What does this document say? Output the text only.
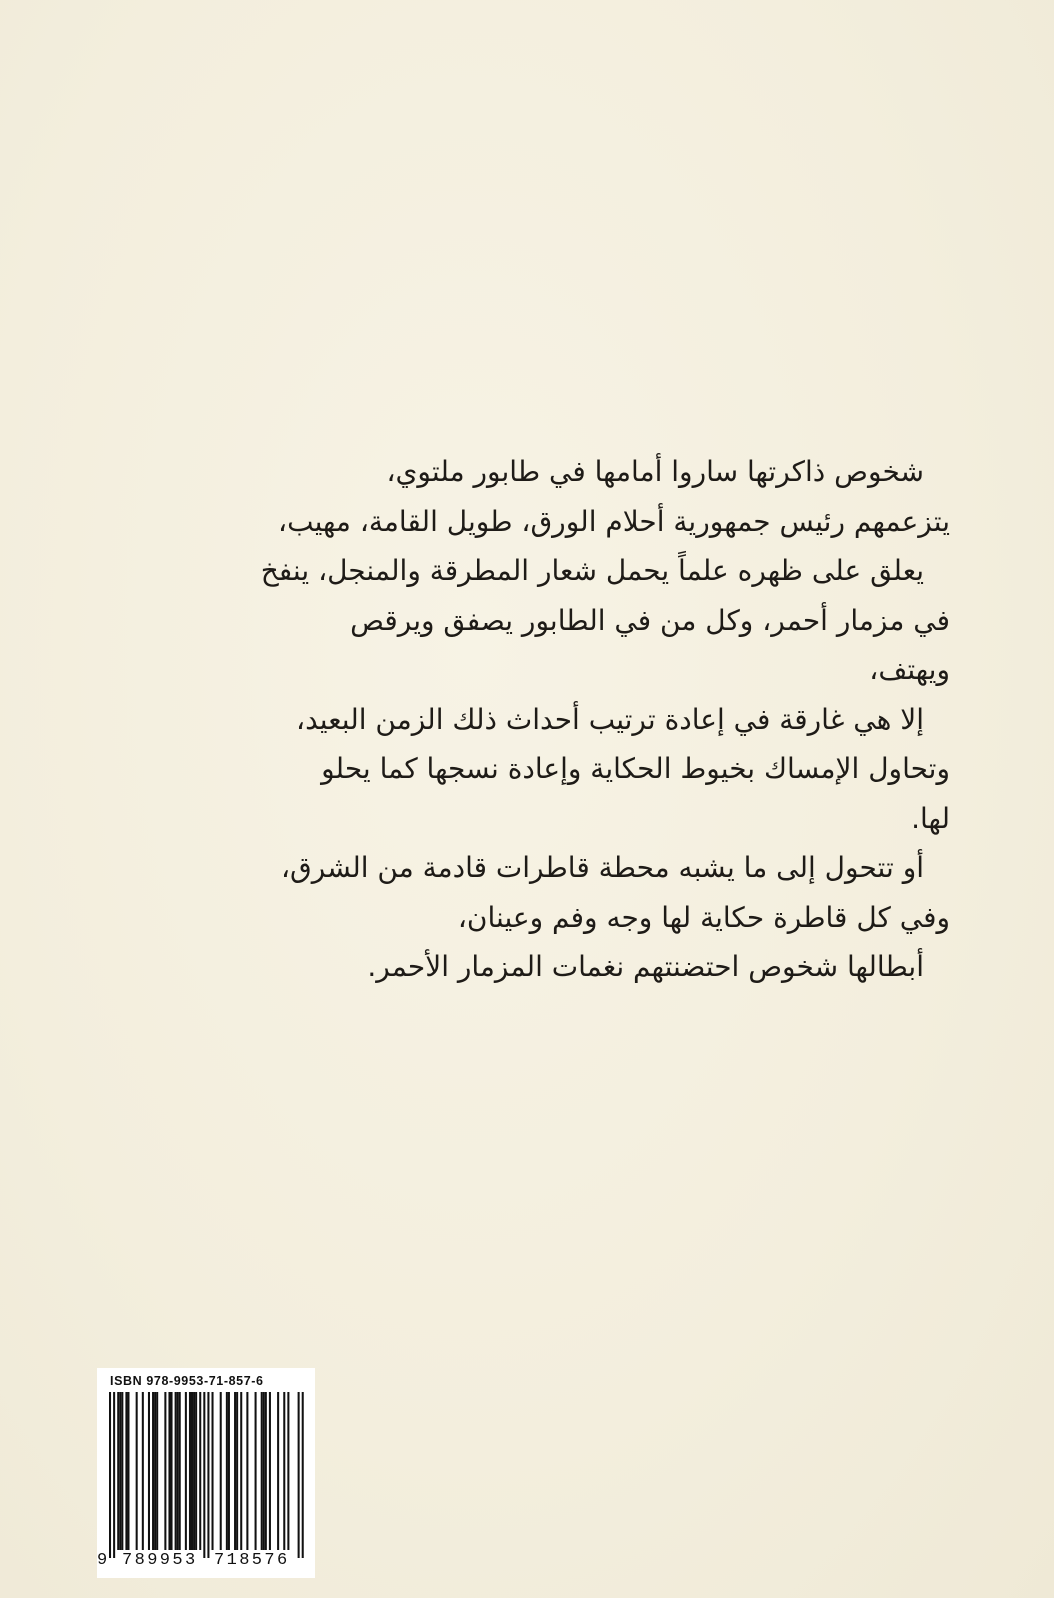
شخوص ذاكرتها ساروا أمامها في طابور ملتوي،
يتزعمهم رئيس جمهورية أحلام الورق، طويل القامة، مهيب،
يعلق على ظهره علماً يحمل شعار المطرقة والمنجل، ينفخ
في مزمار أحمر، وكل من في الطابور يصفق ويرقص
ويهتف،
إلا هي غارقة في إعادة ترتيب أحداث ذلك الزمن البعيد،
وتحاول الإمساك بخيوط الحكاية وإعادة نسجها كما يحلو
لها.
أو تتحول إلى ما يشبه محطة قاطرات قادمة من الشرق،
وفي كل قاطرة حكاية لها وجه وفم وعينان،
أبطالها شخوص احتضنتهم نغمات المزمار الأحمر.
ISBN 978-9953-71-857-6
9 789953 718576
